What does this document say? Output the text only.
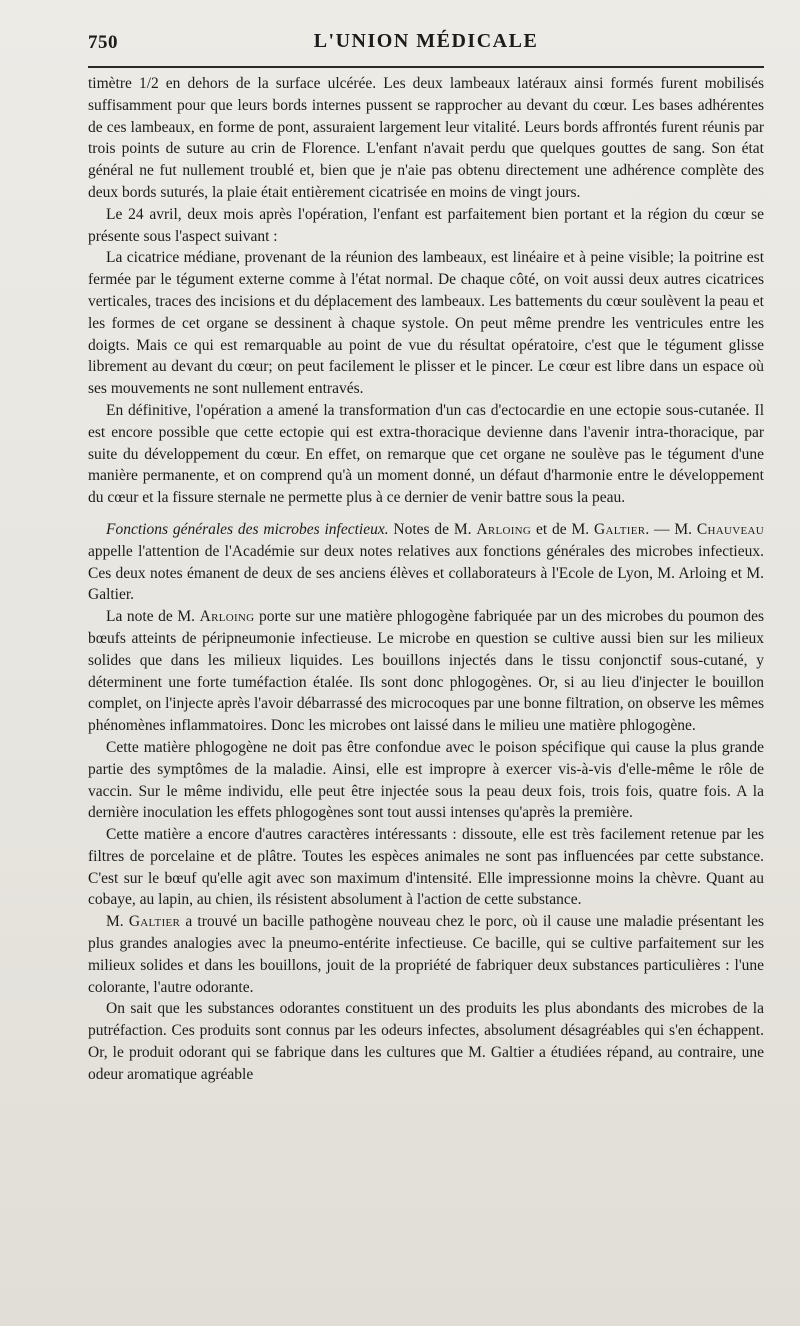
750	L'UNION MÉDICALE

timètre 1/2 en dehors de la surface ulcérée. Les deux lambeaux latéraux ainsi formés furent mobilisés suffisamment pour que leurs bords internes pussent se rapprocher au devant du cœur. Les bases adhérentes de ces lambeaux, en forme de pont, assuraient largement leur vitalité. Leurs bords affrontés furent réunis par trois points de suture au crin de Florence. L'enfant n'avait perdu que quelques gouttes de sang. Son état général ne fut nullement troublé et, bien que je n'aie pas obtenu directement une adhérence complète des deux bords suturés, la plaie était entièrement cicatrisée en moins de vingt jours.

Le 24 avril, deux mois après l'opération, l'enfant est parfaitement bien portant et la région du cœur se présente sous l'aspect suivant :

La cicatrice médiane, provenant de la réunion des lambeaux, est linéaire et à peine visible; la poitrine est fermée par le tégument externe comme à l'état normal. De chaque côté, on voit aussi deux autres cicatrices verticales, traces des incisions et du déplacement des lambeaux. Les battements du cœur soulèvent la peau et les formes de cet organe se dessinent à chaque systole. On peut même prendre les ventricules entre les doigts. Mais ce qui est remarquable au point de vue du résultat opératoire, c'est que le tégument glisse librement au devant du cœur; on peut facilement le plisser et le pincer. Le cœur est libre dans un espace où ses mouvements ne sont nullement entravés.

En définitive, l'opération a amené la transformation d'un cas d'ectocardie en une ectopie sous-cutanée. Il est encore possible que cette ectopie qui est extra-thoracique devienne dans l'avenir intra-thoracique, par suite du développement du cœur. En effet, on remarque que cet organe ne soulève pas le tégument d'une manière permanente, et on comprend qu'à un moment donné, un défaut d'harmonie entre le développement du cœur et la fissure sternale ne permette plus à ce dernier de venir battre sous la peau.

Fonctions générales des microbes infectieux. Notes de M. Arloing et de M. Galtier. — M. Chauveau appelle l'attention de l'Académie sur deux notes relatives aux fonctions générales des microbes infectieux. Ces deux notes émanent de deux de ses anciens élèves et collaborateurs à l'Ecole de Lyon, M. Arloing et M. Galtier.

La note de M. Arloing porte sur une matière phlogogène fabriquée par un des microbes du poumon des bœufs atteints de péripneumonie infectieuse. Le microbe en question se cultive aussi bien sur les milieux solides que dans les milieux liquides. Les bouillons injectés dans le tissu conjonctif sous-cutané, y déterminent une forte tuméfaction étalée. Ils sont donc phlogogènes. Or, si au lieu d'injecter le bouillon complet, on l'injecte après l'avoir débarrassé des microcoques par une bonne filtration, on observe les mêmes phénomènes inflammatoires. Donc les microbes ont laissé dans le milieu une matière phlogogène.

Cette matière phlogogène ne doit pas être confondue avec le poison spécifique qui cause la plus grande partie des symptômes de la maladie. Ainsi, elle est impropre à exercer vis-à-vis d'elle-même le rôle de vaccin. Sur le même individu, elle peut être injectée sous la peau deux fois, trois fois, quatre fois. A la dernière inoculation les effets phlogogènes sont tout aussi intenses qu'après la première.

Cette matière a encore d'autres caractères intéressants : dissoute, elle est très facilement retenue par les filtres de porcelaine et de plâtre. Toutes les espèces animales ne sont pas influencées par cette substance. C'est sur le bœuf qu'elle agit avec son maximum d'intensité. Elle impressionne moins la chèvre. Quant au cobaye, au lapin, au chien, ils résistent absolument à l'action de cette substance.

M. Galtier a trouvé un bacille pathogène nouveau chez le porc, où il cause une maladie présentant les plus grandes analogies avec la pneumo-entérite infectieuse. Ce bacille, qui se cultive parfaitement sur les milieux solides et dans les bouillons, jouit de la propriété de fabriquer deux substances particulières : l'une colorante, l'autre odorante.

On sait que les substances odorantes constituent un des produits les plus abondants des microbes de la putréfaction. Ces produits sont connus par les odeurs infectes, absolument désagréables qui s'en échappent. Or, le produit odorant qui se fabrique dans les cultures que M. Galtier a étudiées répand, au contraire, une odeur aromatique agréable
